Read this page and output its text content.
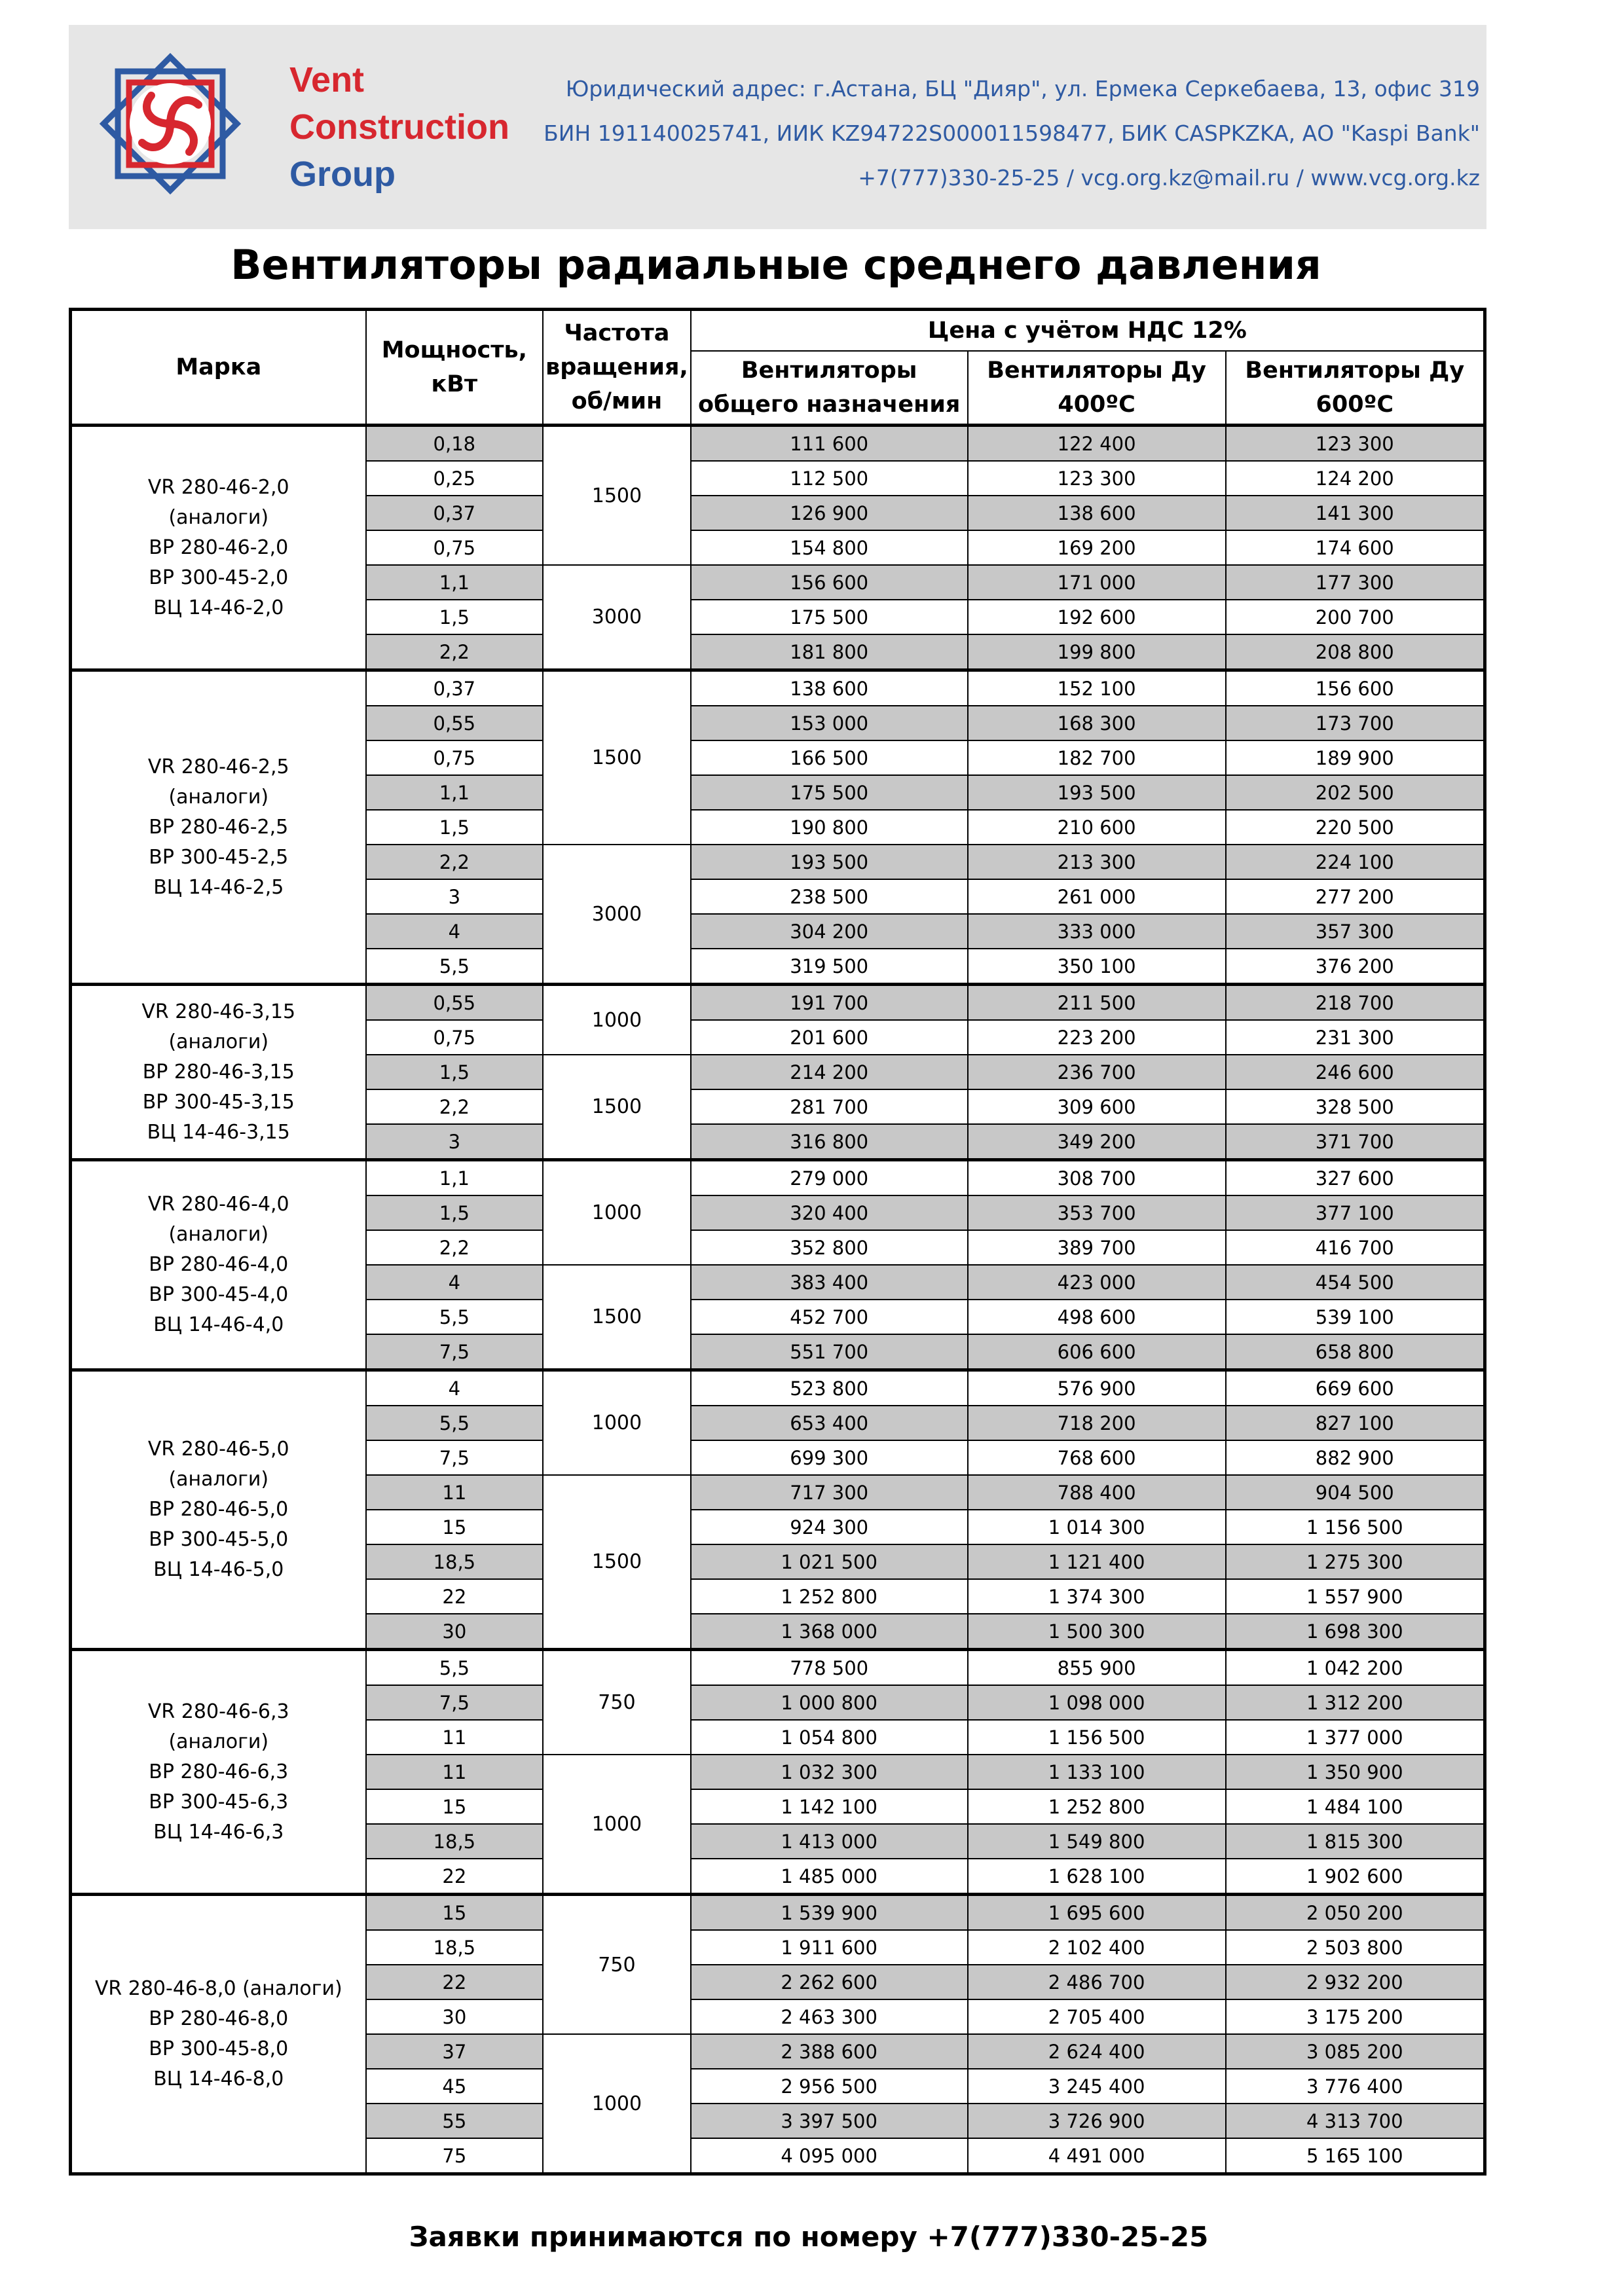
Vent
Construction
Group
Юридический адрес: г.Астана, БЦ "Дияр", ул. Ермека Серкебаева, 13, офис 319
БИН 191140025741, ИИК KZ94722S000011598477, БИК CASPKZKA, АО "Kaspi Bank"
+7(777)330-25-25 / vcg.org.kz@mail.ru / www.vcg.org.kz
Вентиляторы радиальные среднего давления
Марка	Мощность, кВт	Частота вращения, об/мин	Цена с учётом НДС 12%		
			Вентиляторы общего назначения	Вентиляторы Ду 400ºС	Вентиляторы Ду 600ºС
VR 280-46-2,0
(аналоги)
ВР 280-46-2,0
ВР 300-45-2,0
ВЦ 14-46-2,0	0,18	1500	111 600	122 400	123 300
	0,25		112 500	123 300	124 200
	0,37		126 900	138 600	141 300
	0,75		154 800	169 200	174 600
	1,1	3000	156 600	171 000	177 300
	1,5		175 500	192 600	200 700
	2,2		181 800	199 800	208 800
VR 280-46-2,5
(аналоги)
ВР 280-46-2,5
ВР 300-45-2,5
ВЦ 14-46-2,5	0,37	1500	138 600	152 100	156 600
	0,55		153 000	168 300	173 700
	0,75		166 500	182 700	189 900
	1,1		175 500	193 500	202 500
	1,5		190 800	210 600	220 500
	2,2	3000	193 500	213 300	224 100
	3		238 500	261 000	277 200
	4		304 200	333 000	357 300
	5,5		319 500	350 100	376 200
VR 280-46-3,15
(аналоги)
ВР 280-46-3,15
ВР 300-45-3,15
ВЦ 14-46-3,15	0,55	1000	191 700	211 500	218 700
	0,75		201 600	223 200	231 300
	1,5	1500	214 200	236 700	246 600
	2,2		281 700	309 600	328 500
	3		316 800	349 200	371 700
VR 280-46-4,0
(аналоги)
ВР 280-46-4,0
ВР 300-45-4,0
ВЦ 14-46-4,0	1,1	1000	279 000	308 700	327 600
	1,5		320 400	353 700	377 100
	2,2		352 800	389 700	416 700
	4	1500	383 400	423 000	454 500
	5,5		452 700	498 600	539 100
	7,5		551 700	606 600	658 800
VR 280-46-5,0
(аналоги)
ВР 280-46-5,0
ВР 300-45-5,0
ВЦ 14-46-5,0	4	1000	523 800	576 900	669 600
	5,5		653 400	718 200	827 100
	7,5		699 300	768 600	882 900
	11	1500	717 300	788 400	904 500
	15		924 300	1 014 300	1 156 500
	18,5		1 021 500	1 121 400	1 275 300
	22		1 252 800	1 374 300	1 557 900
	30		1 368 000	1 500 300	1 698 300
VR 280-46-6,3
(аналоги)
ВР 280-46-6,3
ВР 300-45-6,3
ВЦ 14-46-6,3	5,5	750	778 500	855 900	1 042 200
	7,5		1 000 800	1 098 000	1 312 200
	11		1 054 800	1 156 500	1 377 000
	11	1000	1 032 300	1 133 100	1 350 900
	15		1 142 100	1 252 800	1 484 100
	18,5		1 413 000	1 549 800	1 815 300
	22		1 485 000	1 628 100	1 902 600
VR 280-46-8,0 (аналоги)
ВР 280-46-8,0
ВР 300-45-8,0
ВЦ 14-46-8,0	15	750	1 539 900	1 695 600	2 050 200
	18,5		1 911 600	2 102 400	2 503 800
	22		2 262 600	2 486 700	2 932 200
	30		2 463 300	2 705 400	3 175 200
	37	1000	2 388 600	2 624 400	3 085 200
	45		2 956 500	3 245 400	3 776 400
	55		3 397 500	3 726 900	4 313 700
	75		4 095 000	4 491 000	5 165 100
Заявки принимаются по номеру +7(777)330-25-25
